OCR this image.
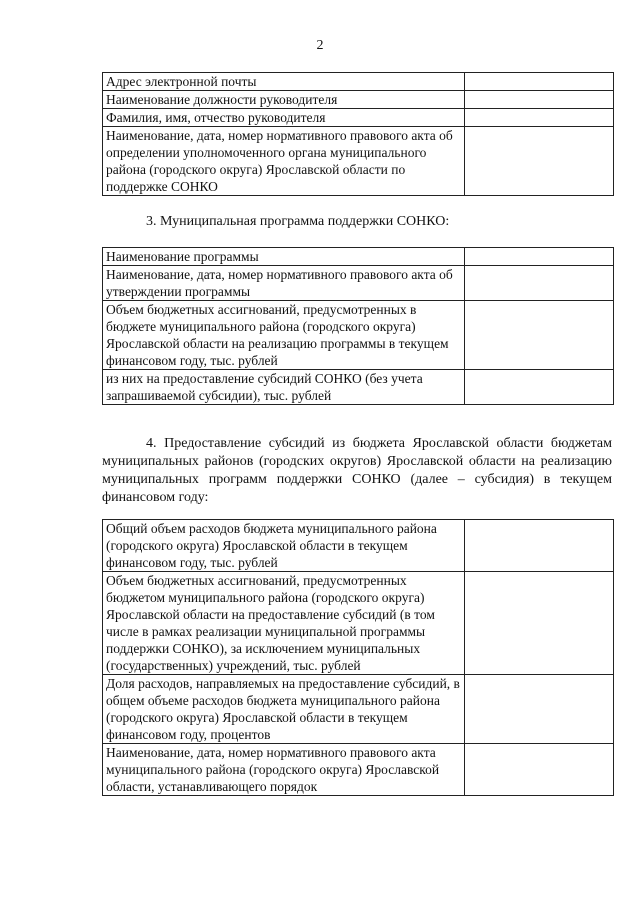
2
Адрес электронной почты	
Наименование должности руководителя	
Фамилия, имя, отчество руководителя	
Наименование, дата, номер нормативного правового акта об определении уполномоченного органа муниципального района (городского округа) Ярославской области по поддержке СОНКО	
3. Муниципальная программа поддержки СОНКО:
Наименование программы	
Наименование, дата, номер нормативного правового акта об утверждении программы	
Объем бюджетных ассигнований, предусмотренных в бюджете муниципального района (городского округа) Ярославской области на реализацию программы в текущем финансовом году, тыс. рублей	
из них на предоставление субсидий СОНКО (без учета запрашиваемой субсидии), тыс. рублей	
4. Предоставление субсидий из бюджета Ярославской области бюджетам муниципальных районов (городских округов) Ярославской области на реализацию муниципальных программ поддержки СОНКО (далее – субсидия) в текущем финансовом году:
Общий объем расходов бюджета муниципального района (городского округа) Ярославской области в текущем финансовом году, тыс. рублей	
Объем бюджетных ассигнований, предусмотренных бюджетом муниципального района (городского округа) Ярославской области на предоставление субсидий (в том числе в рамках реализации муниципальной программы поддержки СОНКО), за исключением муниципальных (государственных) учреждений, тыс. рублей	
Доля расходов, направляемых на предоставление субсидий, в общем объеме расходов бюджета муниципального района (городского округа) Ярославской области в текущем финансовом году, процентов	
Наименование, дата, номер нормативного правового акта муниципального района (городского округа) Ярославской области, устанавливающего порядок	
